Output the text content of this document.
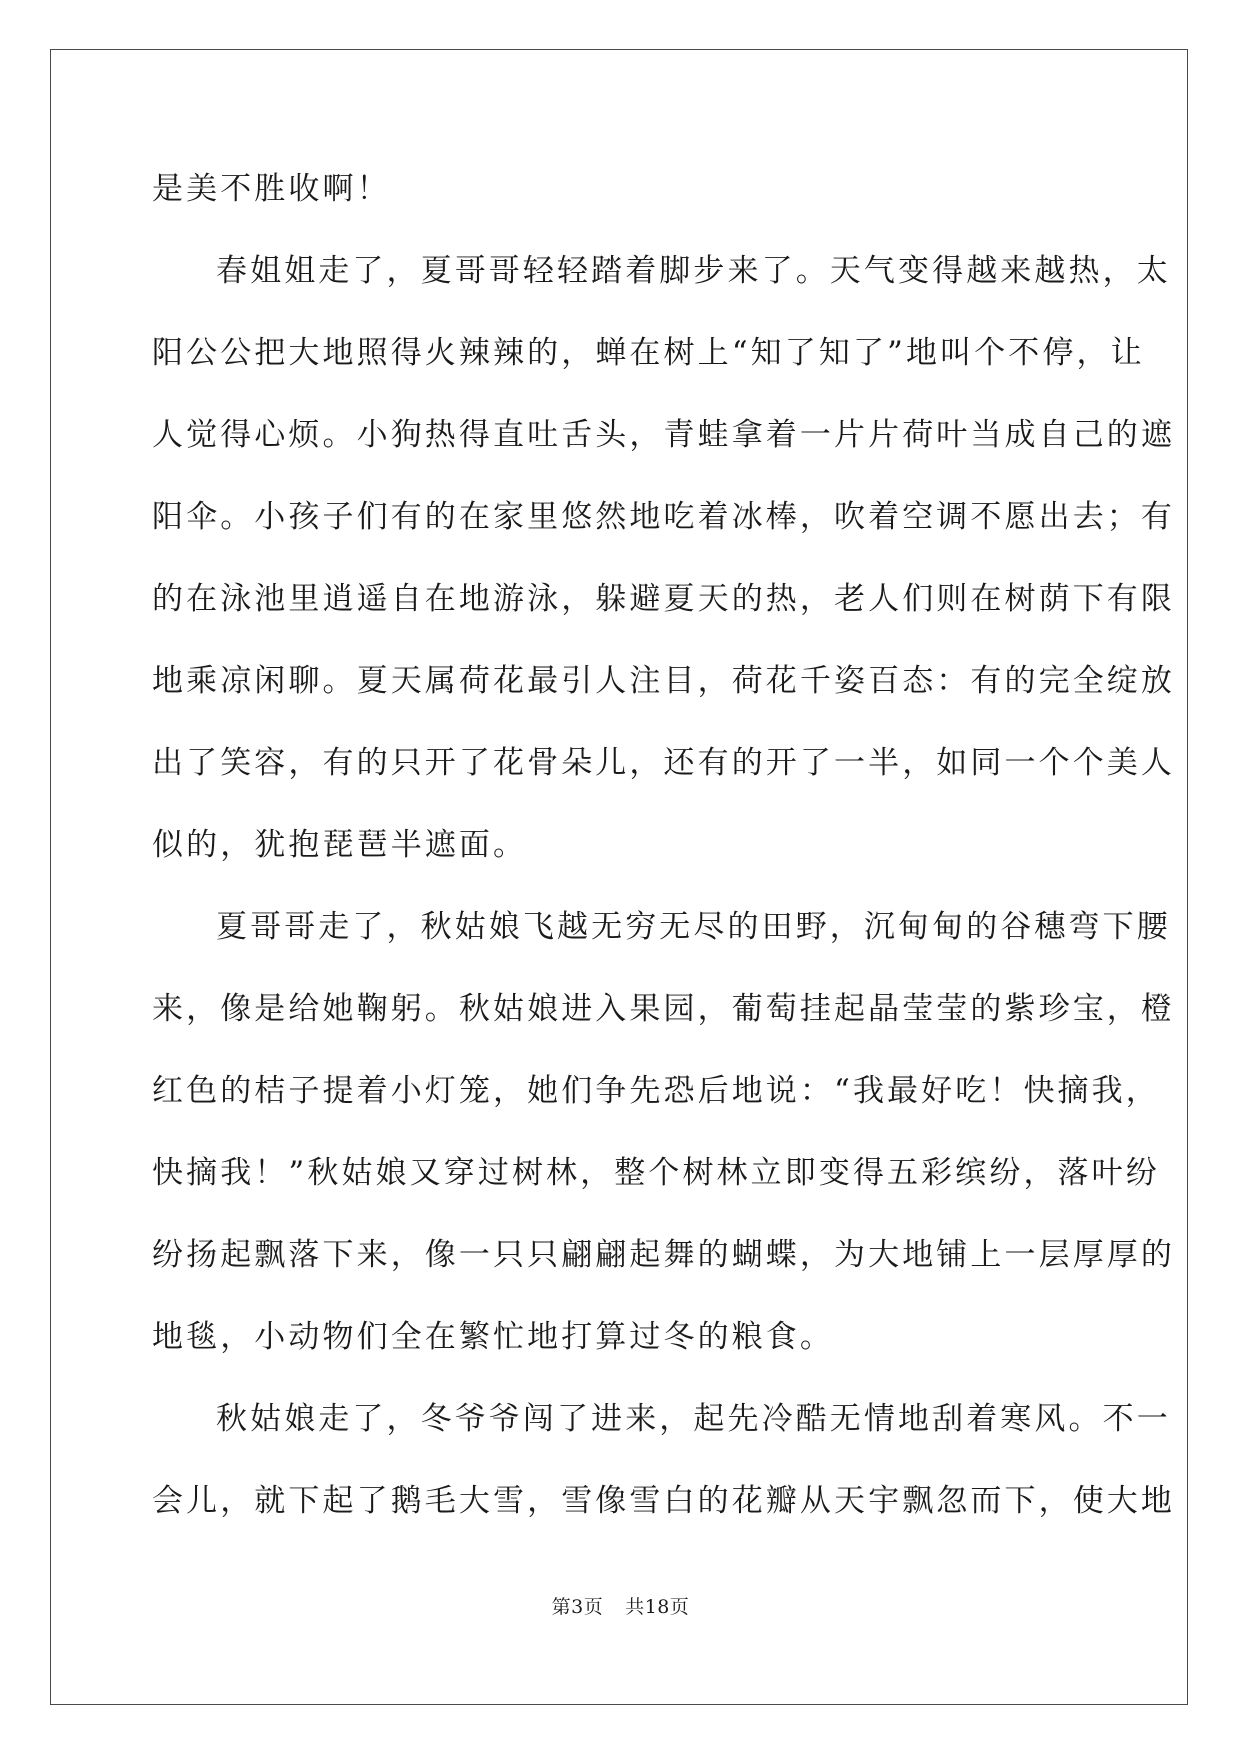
是美不胜收啊！
春姐姐走了，夏哥哥轻轻踏着脚步来了。天气变得越来越热，太
阳公公把大地照得火辣辣的，蝉在树上“知了知了”地叫个不停，让
人觉得心烦。小狗热得直吐舌头，青蛙拿着一片片荷叶当成自己的遮
阳伞。小孩子们有的在家里悠然地吃着冰棒，吹着空调不愿出去；有
的在泳池里逍遥自在地游泳，躲避夏天的热，老人们则在树荫下有限
地乘凉闲聊。夏天属荷花最引人注目，荷花千姿百态：有的完全绽放
出了笑容，有的只开了花骨朵儿，还有的开了一半，如同一个个美人
似的，犹抱琵琶半遮面。
夏哥哥走了，秋姑娘飞越无穷无尽的田野，沉甸甸的谷穗弯下腰
来，像是给她鞠躬。秋姑娘进入果园，葡萄挂起晶莹莹的紫珍宝，橙
红色的桔子提着小灯笼，她们争先恐后地说：“我最好吃！快摘我，
快摘我！”秋姑娘又穿过树林，整个树林立即变得五彩缤纷，落叶纷
纷扬起飘落下来，像一只只翩翩起舞的蝴蝶，为大地铺上一层厚厚的
地毯，小动物们全在繁忙地打算过冬的粮食。
秋姑娘走了，冬爷爷闯了进来，起先冷酷无情地刮着寒风。不一
会儿，就下起了鹅毛大雪，雪像雪白的花瓣从天宇飘忽而下，使大地
第3页 共18页
